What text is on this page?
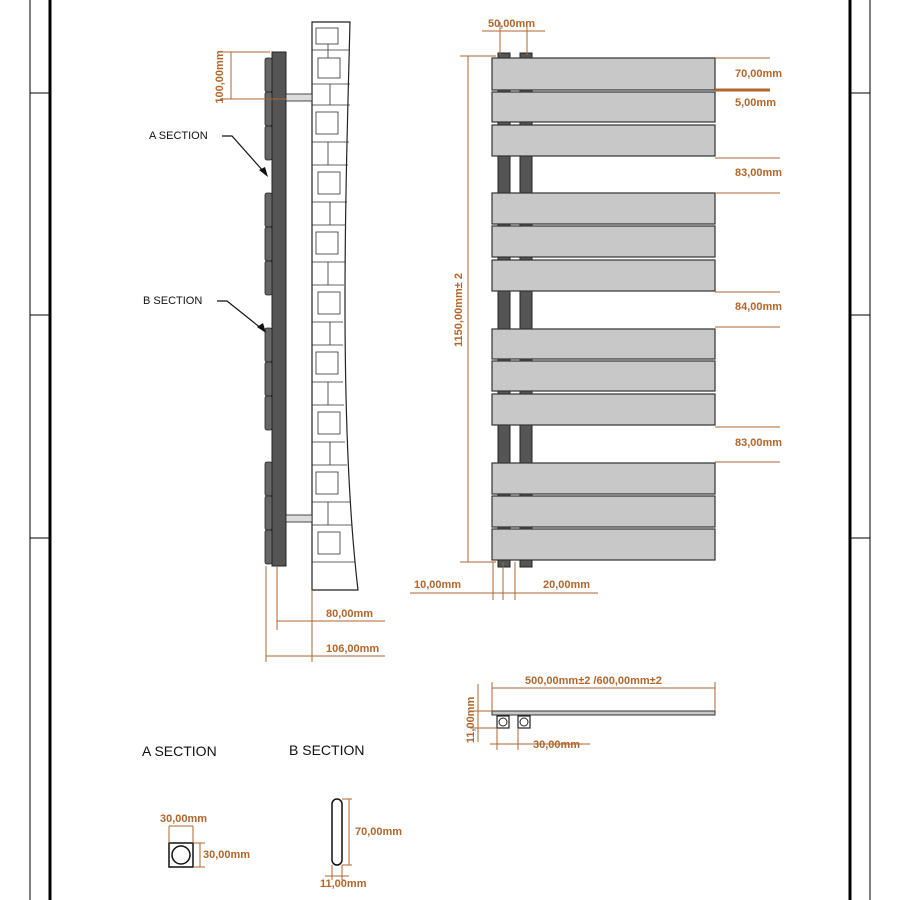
100,00mm
80,00mm
106,00mm
A SECTION
B SECTION
50,00mm
70,00mm
5,00mm
83,00mm
84,00mm
83,00mm
1150,00mm± 2
10,00mm	20,00mm
500,00mm±2 /600,00mm±2
11,00mm
30,00mm
A SECTION	B SECTION
30,00mm
30,00mm
70,00mm
11,00mm
